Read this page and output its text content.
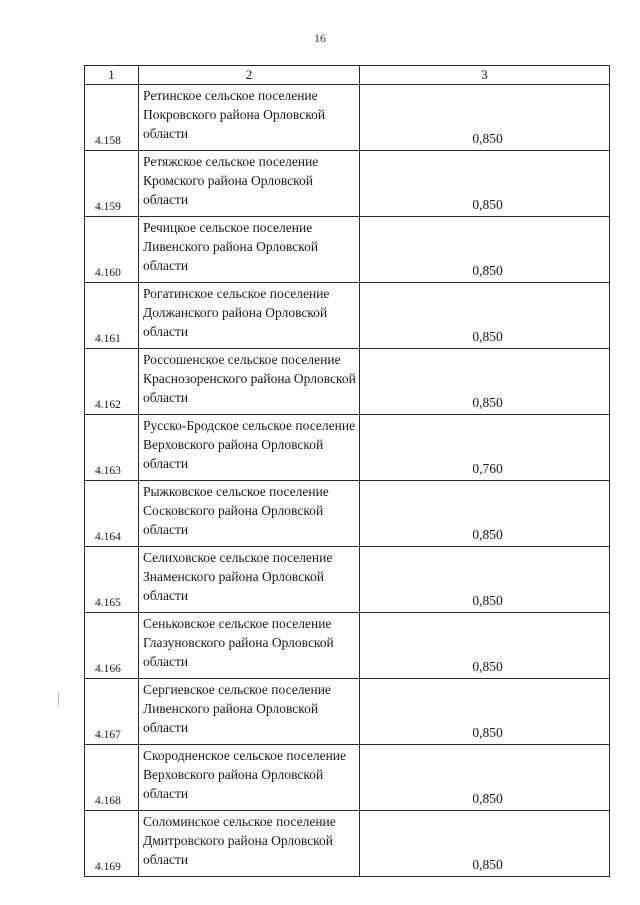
16
1	2	3
4.158	Ретинское сельское поселение Покровского района Орловской области	0,850
4.159	Ретяжское сельское поселение Кромского района Орловской области	0,850
4.160	Речицкое сельское поселение Ливенского района Орловской области	0,850
4.161	Рогатинское сельское поселение Должанского района Орловской области	0,850
4.162	Россошенское сельское поселение Краснозоренского района Орловской области	0,850
4.163	Русско-Бродское сельское поселение Верховского района Орловской области	0,760
4.164	Рыжковское сельское поселение Сосковского района Орловской области	0,850
4.165	Селиховское сельское поселение Знаменского района Орловской области	0,850
4.166	Сеньковское сельское поселение Глазуновского района Орловской области	0,850
4.167	Сергиевское сельское поселение Ливенского района Орловской области	0,850
4.168	Скородненское сельское поселение Верховского района Орловской области	0,850
4.169	Соломинское сельское поселение Дмитровского района Орловской области	0,850
